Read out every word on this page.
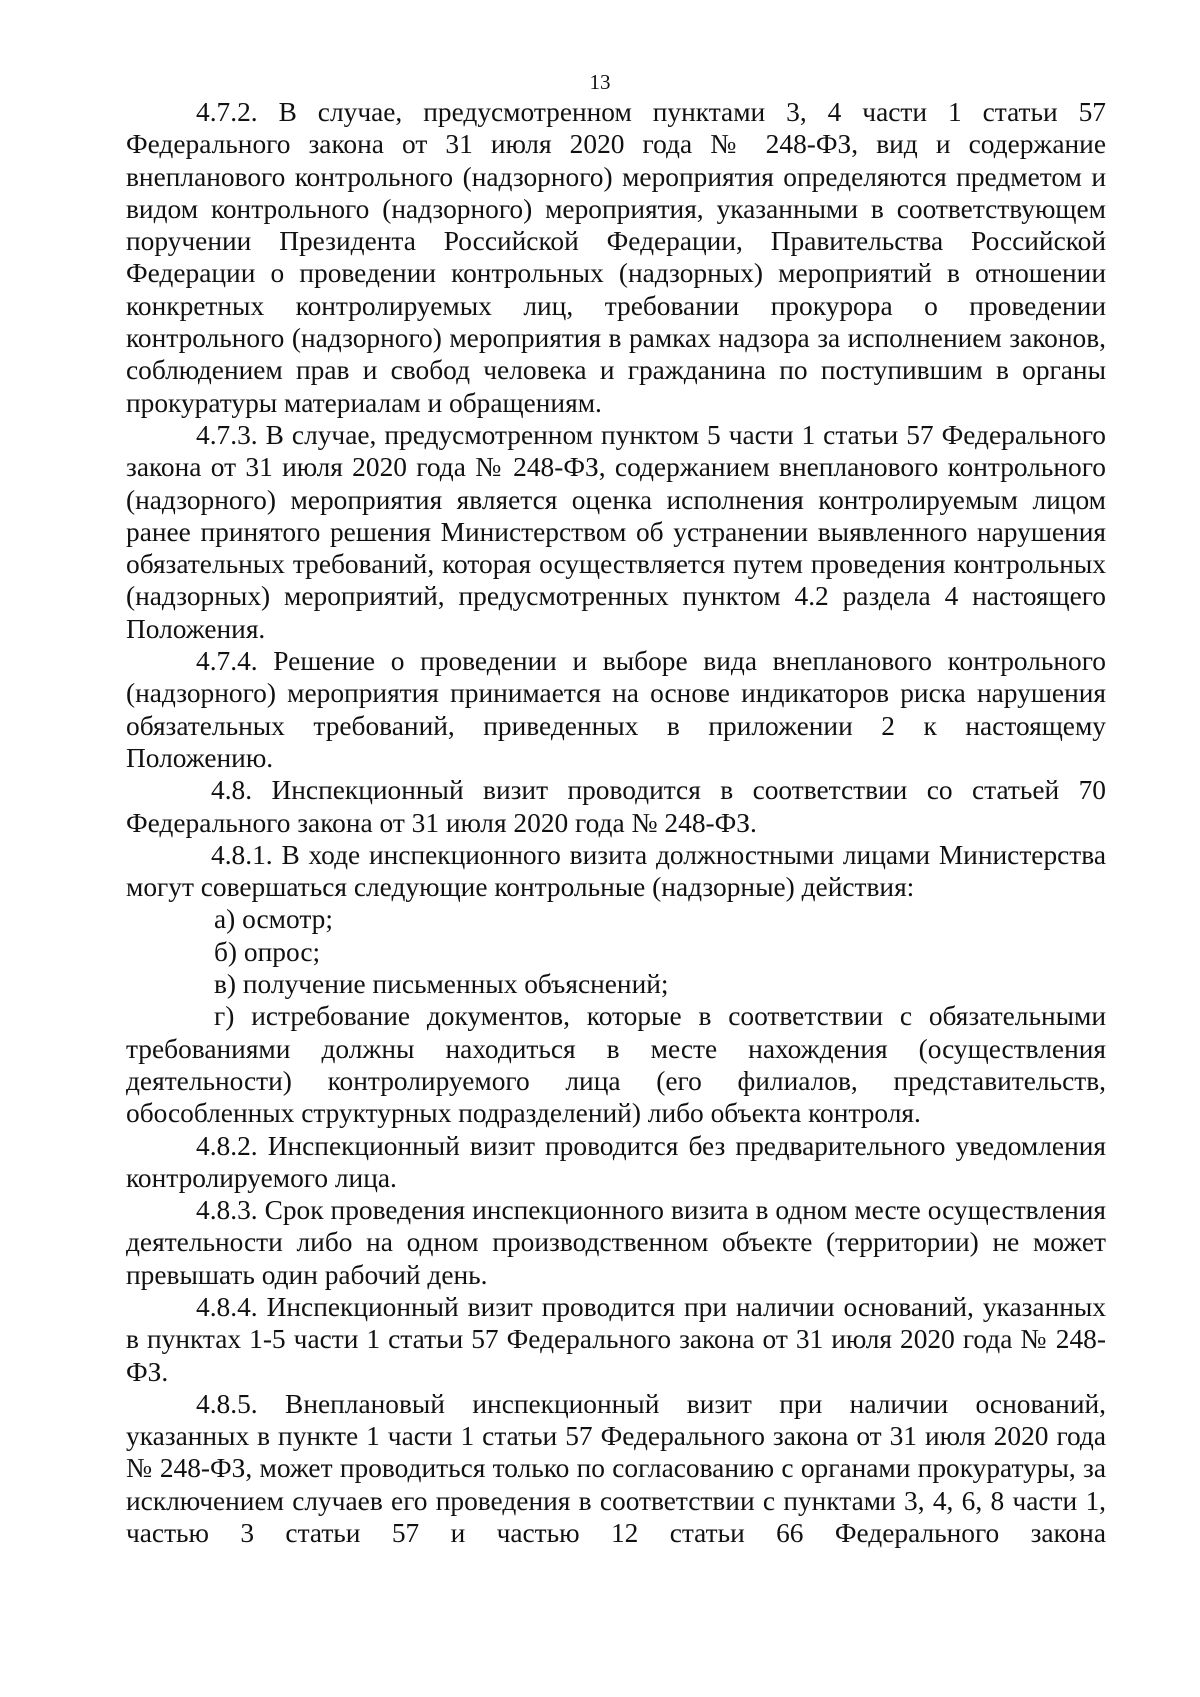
13

4.7.2. В случае, предусмотренном пунктами 3, 4 части 1 статьи 57 Федерального закона от 31 июля 2020 года № 248-ФЗ, вид и содержание внепланового контрольного (надзорного) мероприятия определяются предметом и видом контрольного (надзорного) мероприятия, указанными в соответствующем поручении Президента Российской Федерации, Правительства Российской Федерации о проведении контрольных (надзорных) мероприятий в отношении конкретных контролируемых лиц, требовании прокурора о проведении контрольного (надзорного) мероприятия в рамках надзора за исполнением законов, соблюдением прав и свобод человека и гражданина по поступившим в органы прокуратуры материалам и обращениям.

4.7.3. В случае, предусмотренном пунктом 5 части 1 статьи 57 Федерального закона от 31 июля 2020 года № 248-ФЗ, содержанием внепланового контрольного (надзорного) мероприятия является оценка исполнения контролируемым лицом ранее принятого решения Министерством об устранении выявленного нарушения обязательных требований, которая осуществляется путем проведения контрольных (надзорных) мероприятий, предусмотренных пунктом 4.2 раздела 4 настоящего Положения.

4.7.4. Решение о проведении и выборе вида внепланового контрольного (надзорного) мероприятия принимается на основе индикаторов риска нарушения обязательных требований, приведенных в приложении 2 к настоящему Положению.

4.8. Инспекционный визит проводится в соответствии со статьей 70 Федерального закона от 31 июля 2020 года № 248-ФЗ.

4.8.1. В ходе инспекционного визита должностными лицами Министерства могут совершаться следующие контрольные (надзорные) действия:

а) осмотр;

б) опрос;

в) получение письменных объяснений;

г) истребование документов, которые в соответствии с обязательными требованиями должны находиться в месте нахождения (осуществления деятельности) контролируемого лица (его филиалов, представительств, обособленных структурных подразделений) либо объекта контроля.

4.8.2. Инспекционный визит проводится без предварительного уведомления контролируемого лица.

4.8.3. Срок проведения инспекционного визита в одном месте осуществления деятельности либо на одном производственном объекте (территории) не может превышать один рабочий день.

4.8.4. Инспекционный визит проводится при наличии оснований, указанных в пунктах 1-5 части 1 статьи 57 Федерального закона от 31 июля 2020 года № 248-ФЗ.

4.8.5. Внеплановый инспекционный визит при наличии оснований, указанных в пункте 1 части 1 статьи 57 Федерального закона от 31 июля 2020 года № 248-ФЗ, может проводиться только по согласованию с органами прокуратуры, за исключением случаев его проведения в соответствии с пунктами 3, 4, 6, 8 части 1, частью 3 статьи 57 и частью 12 статьи 66 Федерального закона
